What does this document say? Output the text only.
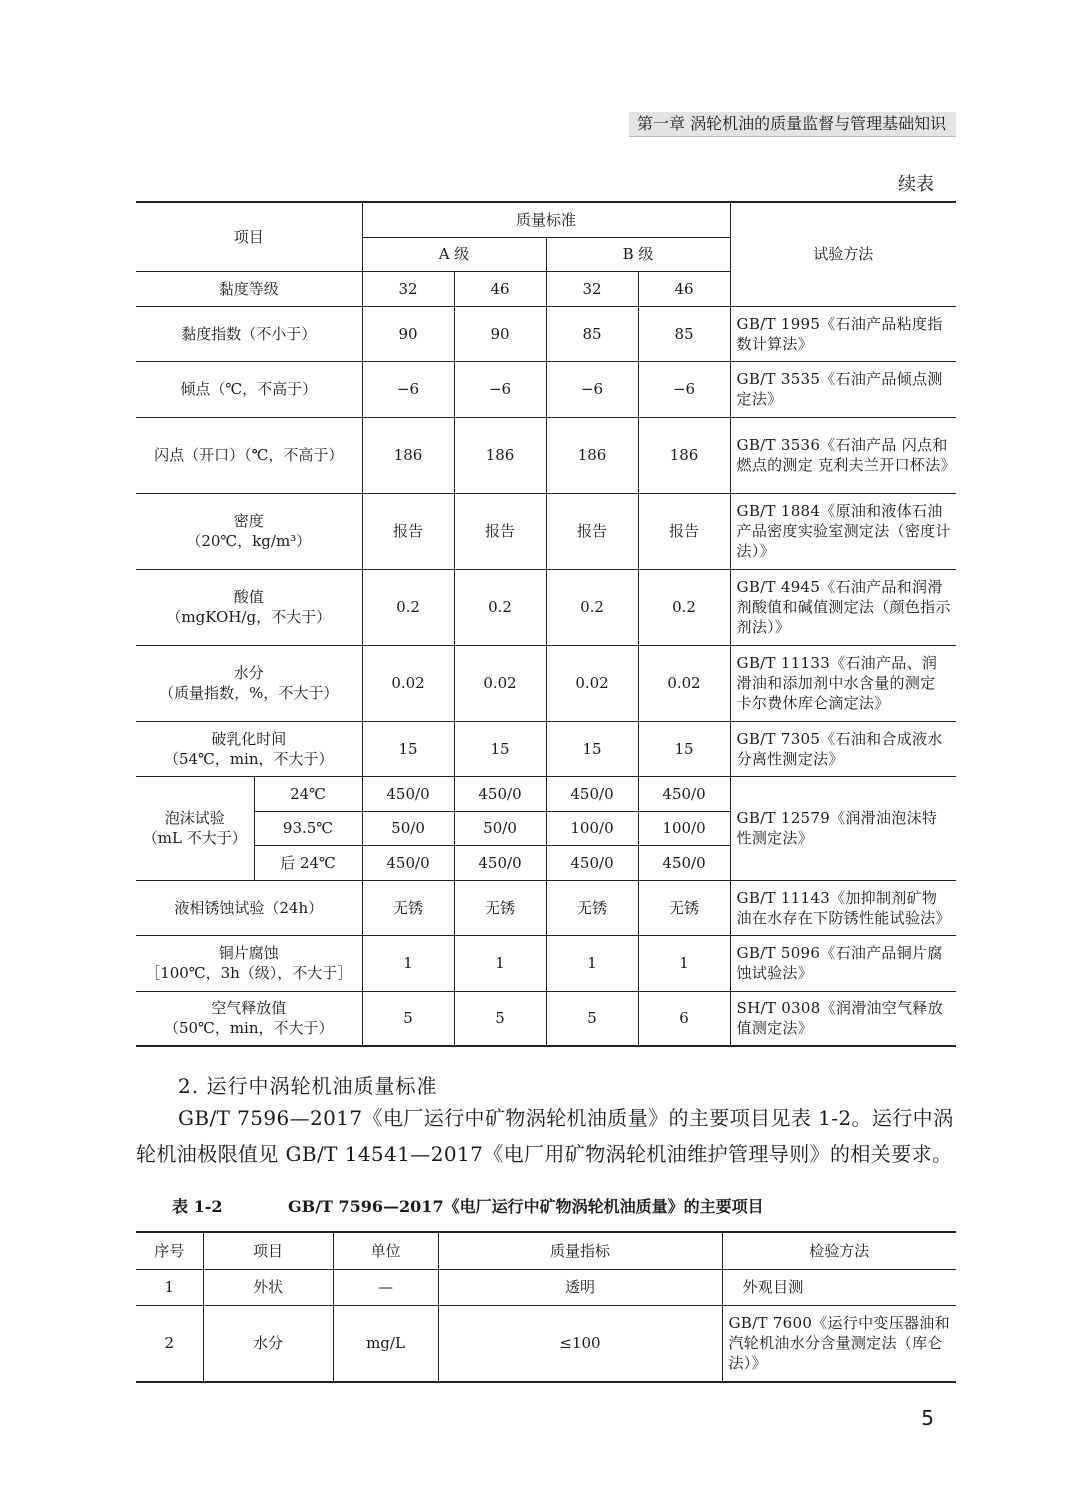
第一章 涡轮机油的质量监督与管理基础知识
续表
项目		质量标准				试验方法
		A 级		B 级		
黏度等级		32	46	32	46	
黏度指数（不小于）		90	90	85	85	GB/T 1995《石油产品粘度指数计算法》
倾点（℃，不高于）		−6	−6	−6	−6	GB/T 3535《石油产品倾点测定法》
闪点（开口）（℃，不高于）		186	186	186	186	GB/T 3536《石油产品 闪点和燃点的测定 克利夫兰开口杯法》

密度
（20℃，kg/m³）		报告	报告	报告	报告	GB/T 1884《原油和液体石油产品密度实验室测定法（密度计法）》

酸值
（mgKOH/g，不大于）		0.2	0.2	0.2	0.2	GB/T 4945《石油产品和润滑剂酸值和碱值测定法（颜色指示剂法）》

水分
（质量指数，%，不大于）		0.02	0.02	0.02	0.02	GB/T 11133《石油产品、润滑油和添加剂中水含量的测定 卡尔费休库仑滴定法》

破乳化时间
（54℃，min，不大于）		15	15	15	15	GB/T 7305《石油和合成液水分离性测定法》

泡沫试验
（mL 不大于）	24℃	450/0	450/0	450/0	450/0	GB/T 12579《润滑油泡沫特性测定法》
	93.5℃	50/0	50/0	100/0	100/0	
	后 24℃	450/0	450/0	450/0	450/0	
液相锈蚀试验（24h）		无锈	无锈	无锈	无锈	GB/T 11143《加抑制剂矿物油在水存在下防锈性能试验法》

铜片腐蚀
［100℃，3h（级），不大于］		1	1	1	1	GB/T 5096《石油产品铜片腐蚀试验法》

空气释放值
（50℃，min，不大于）		5	5	5	6	SH/T 0308《润滑油空气释放值测定法》
2. 运行中涡轮机油质量标准
GB/T 7596—2017《电厂运行中矿物涡轮机油质量》的主要项目见表 1-2。运行中涡轮机油极限值见 GB/T 14541—2017《电厂用矿物涡轮机油维护管理导则》的相关要求。
表 1-2	GB/T 7596—2017《电厂运行中矿物涡轮机油质量》的主要项目
序号	项目	单位	质量指标	检验方法
1	外状	—	透明	外观目测
2	水分	mg/L	≤100	GB/T 7600《运行中变压器油和汽轮机油水分含量测定法（库仑法）》
5
